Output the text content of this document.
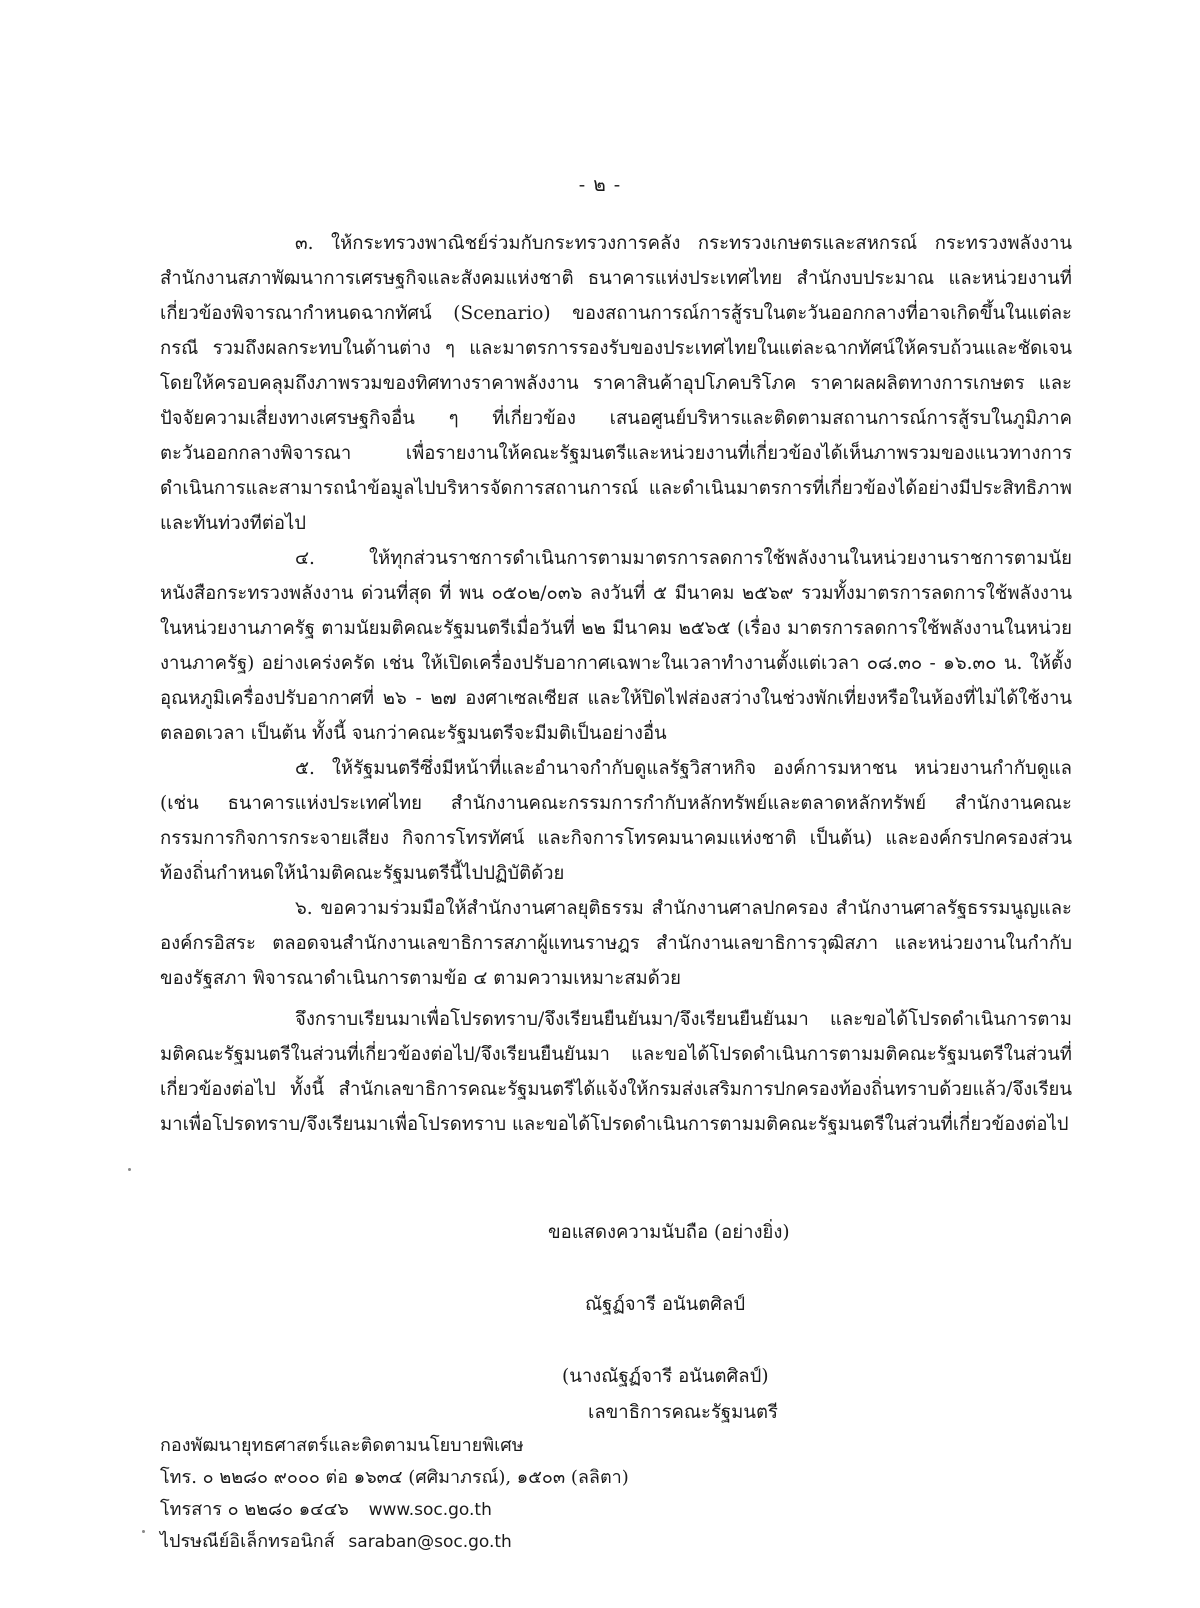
- ๒ -

๓. ให้กระทรวงพาณิชย์ร่วมกับกระทรวงการคลัง กระทรวงเกษตรและสหกรณ์ กระทรวงพลังงาน สำนักงานสภาพัฒนาการเศรษฐกิจและสังคมแห่งชาติ ธนาคารแห่งประเทศไทย สำนักงบประมาณ และหน่วยงานที่เกี่ยวข้องพิจารณากำหนดฉากทัศน์ (Scenario) ของสถานการณ์การสู้รบในตะวันออกกลางที่อาจเกิดขึ้นในแต่ละกรณี รวมถึงผลกระทบในด้านต่าง ๆ และมาตรการรองรับของประเทศไทยในแต่ละฉากทัศน์ให้ครบถ้วนและชัดเจน โดยให้ครอบคลุมถึงภาพรวมของทิศทางราคาพลังงาน ราคาสินค้าอุปโภคบริโภค ราคาผลผลิตทางการเกษตร และปัจจัยความเสี่ยงทางเศรษฐกิจอื่น ๆ ที่เกี่ยวข้อง เสนอศูนย์บริหารและติดตามสถานการณ์การสู้รบในภูมิภาคตะวันออกกลางพิจารณา เพื่อรายงานให้คณะรัฐมนตรีและหน่วยงานที่เกี่ยวข้องได้เห็นภาพรวมของแนวทางการดำเนินการและสามารถนำข้อมูลไปบริหารจัดการสถานการณ์ และดำเนินมาตรการที่เกี่ยวข้องได้อย่างมีประสิทธิภาพและทันท่วงทีต่อไป

๔. ให้ทุกส่วนราชการดำเนินการตามมาตรการลดการใช้พลังงานในหน่วยงานราชการตามนัยหนังสือกระทรวงพลังงาน ด่วนที่สุด ที่ พน ๐๕๐๒/๐๓๖ ลงวันที่ ๕ มีนาคม ๒๕๖๙ รวมทั้งมาตรการลดการใช้พลังงานในหน่วยงานภาครัฐ ตามนัยมติคณะรัฐมนตรีเมื่อวันที่ ๒๒ มีนาคม ๒๕๖๕ (เรื่อง มาตรการลดการใช้พลังงานในหน่วยงานภาครัฐ) อย่างเคร่งครัด เช่น ให้เปิดเครื่องปรับอากาศเฉพาะในเวลาทำงานตั้งแต่เวลา ๐๘.๓๐ - ๑๖.๓๐ น. ให้ตั้งอุณหภูมิเครื่องปรับอากาศที่ ๒๖ - ๒๗ องศาเซลเซียส และให้ปิดไฟส่องสว่างในช่วงพักเที่ยงหรือในห้องที่ไม่ได้ใช้งานตลอดเวลา เป็นต้น ทั้งนี้ จนกว่าคณะรัฐมนตรีจะมีมติเป็นอย่างอื่น

๕. ให้รัฐมนตรีซึ่งมีหน้าที่และอำนาจกำกับดูแลรัฐวิสาหกิจ องค์การมหาชน หน่วยงานกำกับดูแล (เช่น ธนาคารแห่งประเทศไทย สำนักงานคณะกรรมการกำกับหลักทรัพย์และตลาดหลักทรัพย์ สำนักงานคณะกรรมการกิจการกระจายเสียง กิจการโทรทัศน์ และกิจการโทรคมนาคมแห่งชาติ เป็นต้น) และองค์กรปกครองส่วนท้องถิ่นกำหนดให้นำมติคณะรัฐมนตรีนี้ไปปฏิบัติด้วย

๖. ขอความร่วมมือให้สำนักงานศาลยุติธรรม สำนักงานศาลปกครอง สำนักงานศาลรัฐธรรมนูญและองค์กรอิสระ ตลอดจนสำนักงานเลขาธิการสภาผู้แทนราษฎร สำนักงานเลขาธิการวุฒิสภา และหน่วยงานในกำกับของรัฐสภา พิจารณาดำเนินการตามข้อ ๔ ตามความเหมาะสมด้วย

จึงกราบเรียนมาเพื่อโปรดทราบ/จึงเรียนยืนยันมา/จึงเรียนยืนยันมา และขอได้โปรดดำเนินการตามมติคณะรัฐมนตรีในส่วนที่เกี่ยวข้องต่อไป/จึงเรียนยืนยันมา และขอได้โปรดดำเนินการตามมติคณะรัฐมนตรีในส่วนที่เกี่ยวข้องต่อไป ทั้งนี้ สำนักเลขาธิการคณะรัฐมนตรีได้แจ้งให้กรมส่งเสริมการปกครองท้องถิ่นทราบด้วยแล้ว/จึงเรียนมาเพื่อโปรดทราบ/จึงเรียนมาเพื่อโปรดทราบ และขอได้โปรดดำเนินการตามมติคณะรัฐมนตรีในส่วนที่เกี่ยวข้องต่อไป

ขอแสดงความนับถือ (อย่างยิ่ง)
ณัฐฏ์จารี อนันตศิลป์
(นางณัฐฏ์จารี อนันตศิลป์)
เลขาธิการคณะรัฐมนตรี
กองพัฒนายุทธศาสตร์และติดตามนโยบายพิเศษ
โทร. ๐ ๒๒๘๐ ๙๐๐๐ ต่อ ๑๖๓๔ (ศศิมาภรณ์), ๑๕๐๓ (ลลิตา)
โทรสาร ๐ ๒๒๘๐ ๑๔๔๖ www.soc.go.th
ไปรษณีย์อิเล็กทรอนิกส์ saraban@soc.go.th
